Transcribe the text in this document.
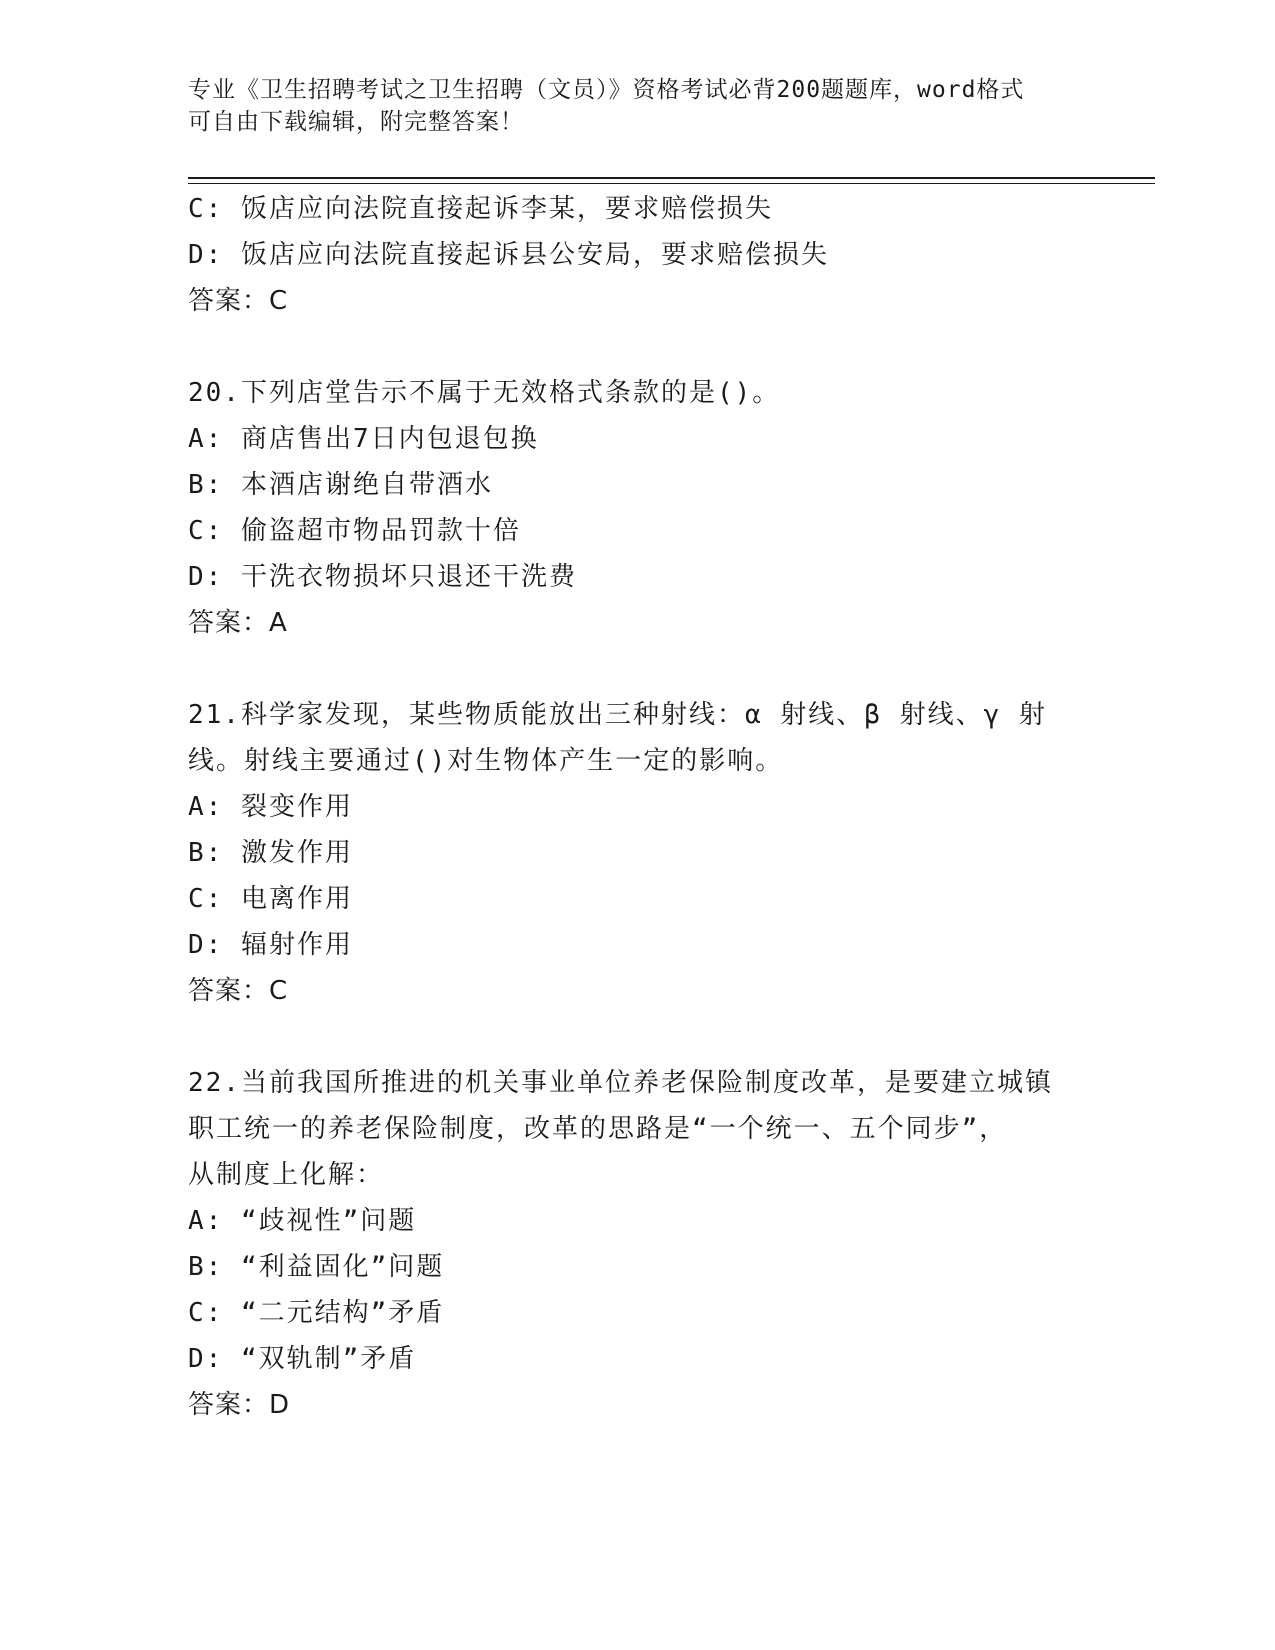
专业《卫生招聘考试之卫生招聘（文员）》资格考试必背200题题库，word格式
可自由下载编辑，附完整答案！
C: 饭店应向法院直接起诉李某，要求赔偿损失
D: 饭店应向法院直接起诉县公安局，要求赔偿损失
答案：C
20.下列店堂告示不属于无效格式条款的是()。
A: 商店售出7日内包退包换
B: 本酒店谢绝自带酒水
C: 偷盗超市物品罚款十倍
D: 干洗衣物损坏只退还干洗费
答案：A
21.科学家发现，某些物质能放出三种射线：α 射线、β 射线、γ 射
线。射线主要通过()对生物体产生一定的影响。
A: 裂变作用
B: 激发作用
C: 电离作用
D: 辐射作用
答案：C
22.当前我国所推进的机关事业单位养老保险制度改革，是要建立城镇
职工统一的养老保险制度，改革的思路是“一个统一、五个同步”，
从制度上化解：
A: “歧视性”问题
B: “利益固化”问题
C: “二元结构”矛盾
D: “双轨制”矛盾
答案：D
